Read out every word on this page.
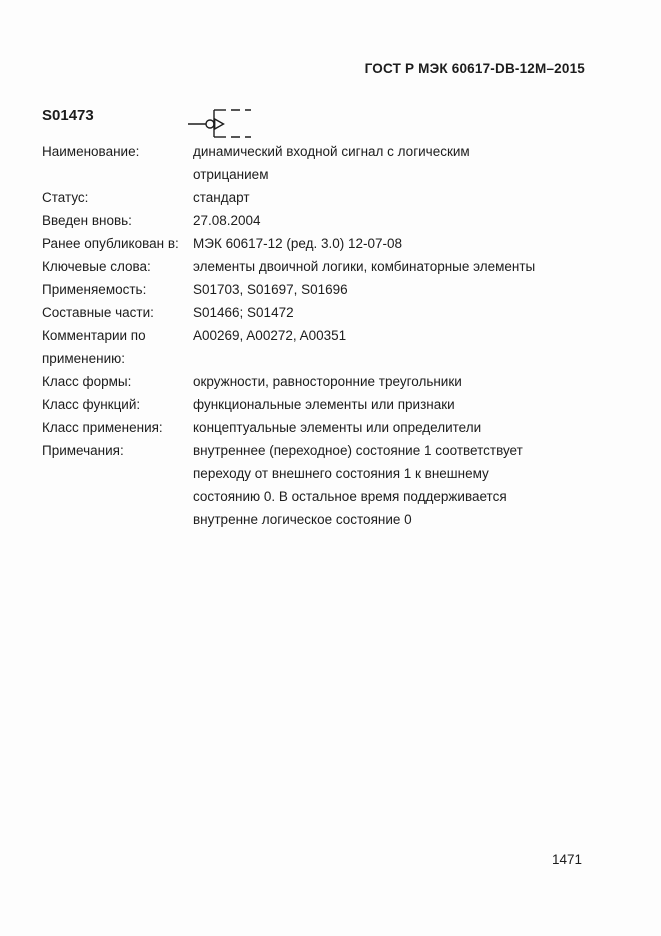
ГОСТ Р МЭК 60617-DB-12M–2015
S01473
Наименование:	динамический входной сигнал с логическим
отрицанием
Статус:	стандарт
Введен вновь:	27.08.2004
Ранее опубликован в:	МЭК 60617-12 (ред. 3.0) 12-07-08
Ключевые слова:	элементы двоичной логики, комбинаторные элементы
Применяемость:	S01703, S01697, S01696
Составные части:	S01466; S01472
Комментарии по применению:
A00269, A00272, A00351
Класс формы:	окружности, равносторонние треугольники
Класс функций:	функциональные элементы или признаки
Класс применения:	концептуальные элементы или определители
Примечания:	внутреннее (переходное) состояние 1 соответствует
переходу от внешнего состояния 1 к внешнему
состоянию 0. В остальное время поддерживается
внутренне логическое состояние 0
1471
